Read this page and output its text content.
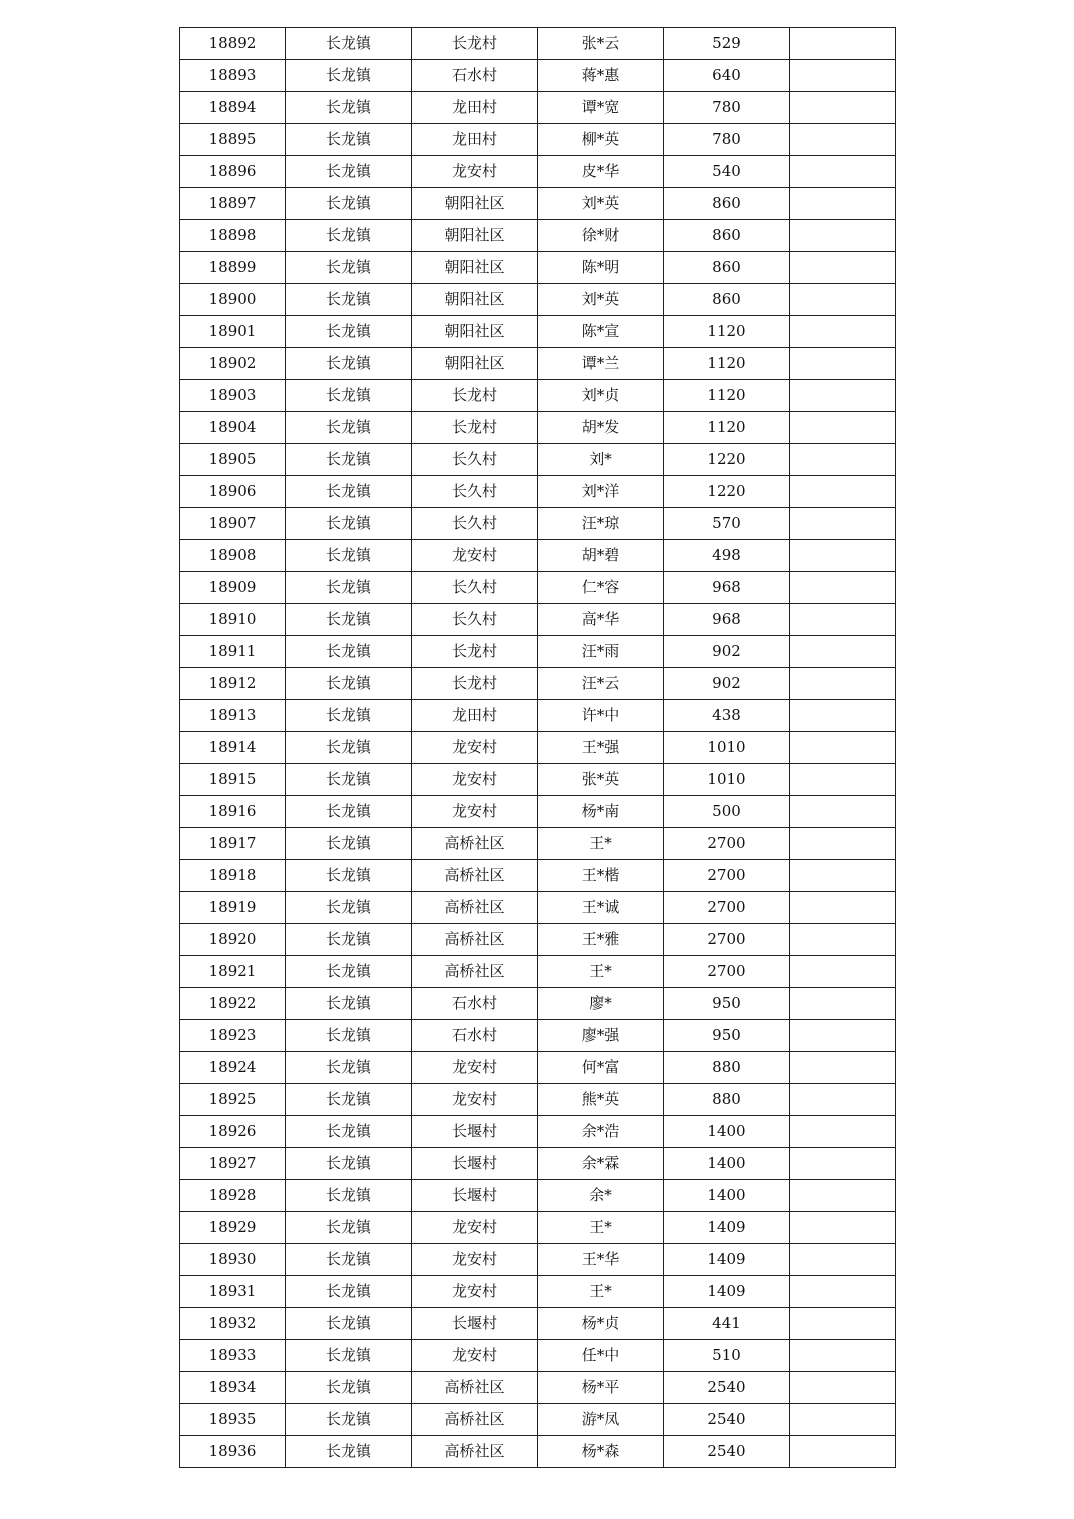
18892	长龙镇	长龙村	张*云	529	
18893	长龙镇	石水村	蒋*惠	640	
18894	长龙镇	龙田村	谭*宽	780	
18895	长龙镇	龙田村	柳*英	780	
18896	长龙镇	龙安村	皮*华	540	
18897	长龙镇	朝阳社区	刘*英	860	
18898	长龙镇	朝阳社区	徐*财	860	
18899	长龙镇	朝阳社区	陈*明	860	
18900	长龙镇	朝阳社区	刘*英	860	
18901	长龙镇	朝阳社区	陈*宣	1120	
18902	长龙镇	朝阳社区	谭*兰	1120	
18903	长龙镇	长龙村	刘*贞	1120	
18904	长龙镇	长龙村	胡*发	1120	
18905	长龙镇	长久村	刘*	1220	
18906	长龙镇	长久村	刘*洋	1220	
18907	长龙镇	长久村	汪*琼	570	
18908	长龙镇	龙安村	胡*碧	498	
18909	长龙镇	长久村	仁*容	968	
18910	长龙镇	长久村	高*华	968	
18911	长龙镇	长龙村	汪*雨	902	
18912	长龙镇	长龙村	汪*云	902	
18913	长龙镇	龙田村	许*中	438	
18914	长龙镇	龙安村	王*强	1010	
18915	长龙镇	龙安村	张*英	1010	
18916	长龙镇	龙安村	杨*南	500	
18917	长龙镇	高桥社区	王*	2700	
18918	长龙镇	高桥社区	王*楷	2700	
18919	长龙镇	高桥社区	王*诚	2700	
18920	长龙镇	高桥社区	王*雅	2700	
18921	长龙镇	高桥社区	王*	2700	
18922	长龙镇	石水村	廖*	950	
18923	长龙镇	石水村	廖*强	950	
18924	长龙镇	龙安村	何*富	880	
18925	长龙镇	龙安村	熊*英	880	
18926	长龙镇	长堰村	余*浩	1400	
18927	长龙镇	长堰村	余*霖	1400	
18928	长龙镇	长堰村	余*	1400	
18929	长龙镇	龙安村	王*	1409	
18930	长龙镇	龙安村	王*华	1409	
18931	长龙镇	龙安村	王*	1409	
18932	长龙镇	长堰村	杨*贞	441	
18933	长龙镇	龙安村	任*中	510	
18934	长龙镇	高桥社区	杨*平	2540	
18935	长龙镇	高桥社区	游*凤	2540	
18936	长龙镇	高桥社区	杨*森	2540	
